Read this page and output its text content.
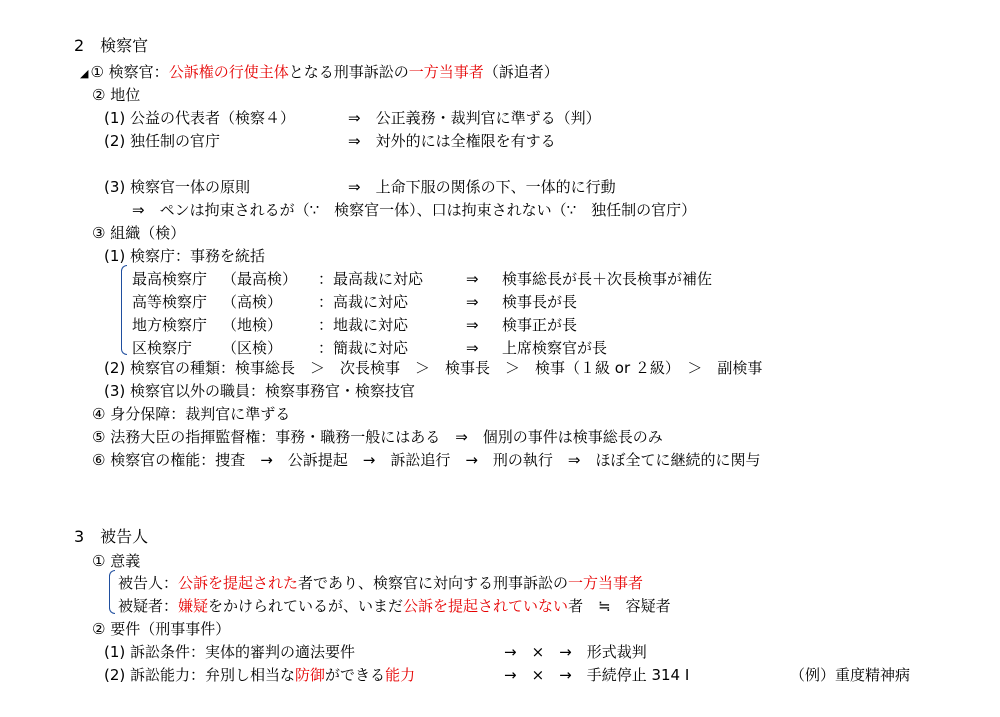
2　検察官
◢ ① 検察官：公訴権の行使主体となる刑事訴訟の一方当事者（訴追者）
② 地位
(1) 公益の代表者（検察４）	⇒　公正義務・裁判官に準ずる（判）
(2) 独任制の官庁	⇒　対外的には全権限を有する
(3) 検察官一体の原則	⇒　上命下服の関係の下、一体的に行動
⇒　ペンは拘束されるが（∵　検察官一体）、口は拘束されない（∵　独任制の官庁）
③ 組織（検）
(1) 検察庁：事務を統括
最高検察庁 （最高検） ：最高裁に対応	⇒ 検事総長が長＋次長検事が補佐
高等検察庁 （高検） ：高裁に対応	⇒ 検事長が長
地方検察庁 （地検） ：地裁に対応	⇒ 検事正が長
区検察庁 （区検） ：簡裁に対応	⇒ 上席検察官が長
(2) 検察官の種類：検事総長　＞　次長検事　＞　検事長　＞　検事（１級 or ２級）　＞　副検事
(3) 検察官以外の職員：検察事務官・検察技官
④ 身分保障：裁判官に準ずる
⑤ 法務大臣の指揮監督権：事務・職務一般にはある　⇒　個別の事件は検事総長のみ
⑥ 検察官の権能：捜査　→　公訴提起　→　訴訟追行　→　刑の執行　⇒　ほぼ全てに継続的に関与
3　被告人
① 意義
被告人：公訴を提起された者であり、検察官に対向する刑事訴訟の一方当事者
被疑者：嫌疑をかけられているが、いまだ公訴を提起されていない者　≒　容疑者
② 要件（刑事事件）
(1) 訴訟条件：実体的審判の適法要件	→　×　→　形式裁判
(2) 訴訟能力：弁別し相当な防御ができる能力	→　×　→　手続停止 314 Ⅰ	（例）重度精神病
